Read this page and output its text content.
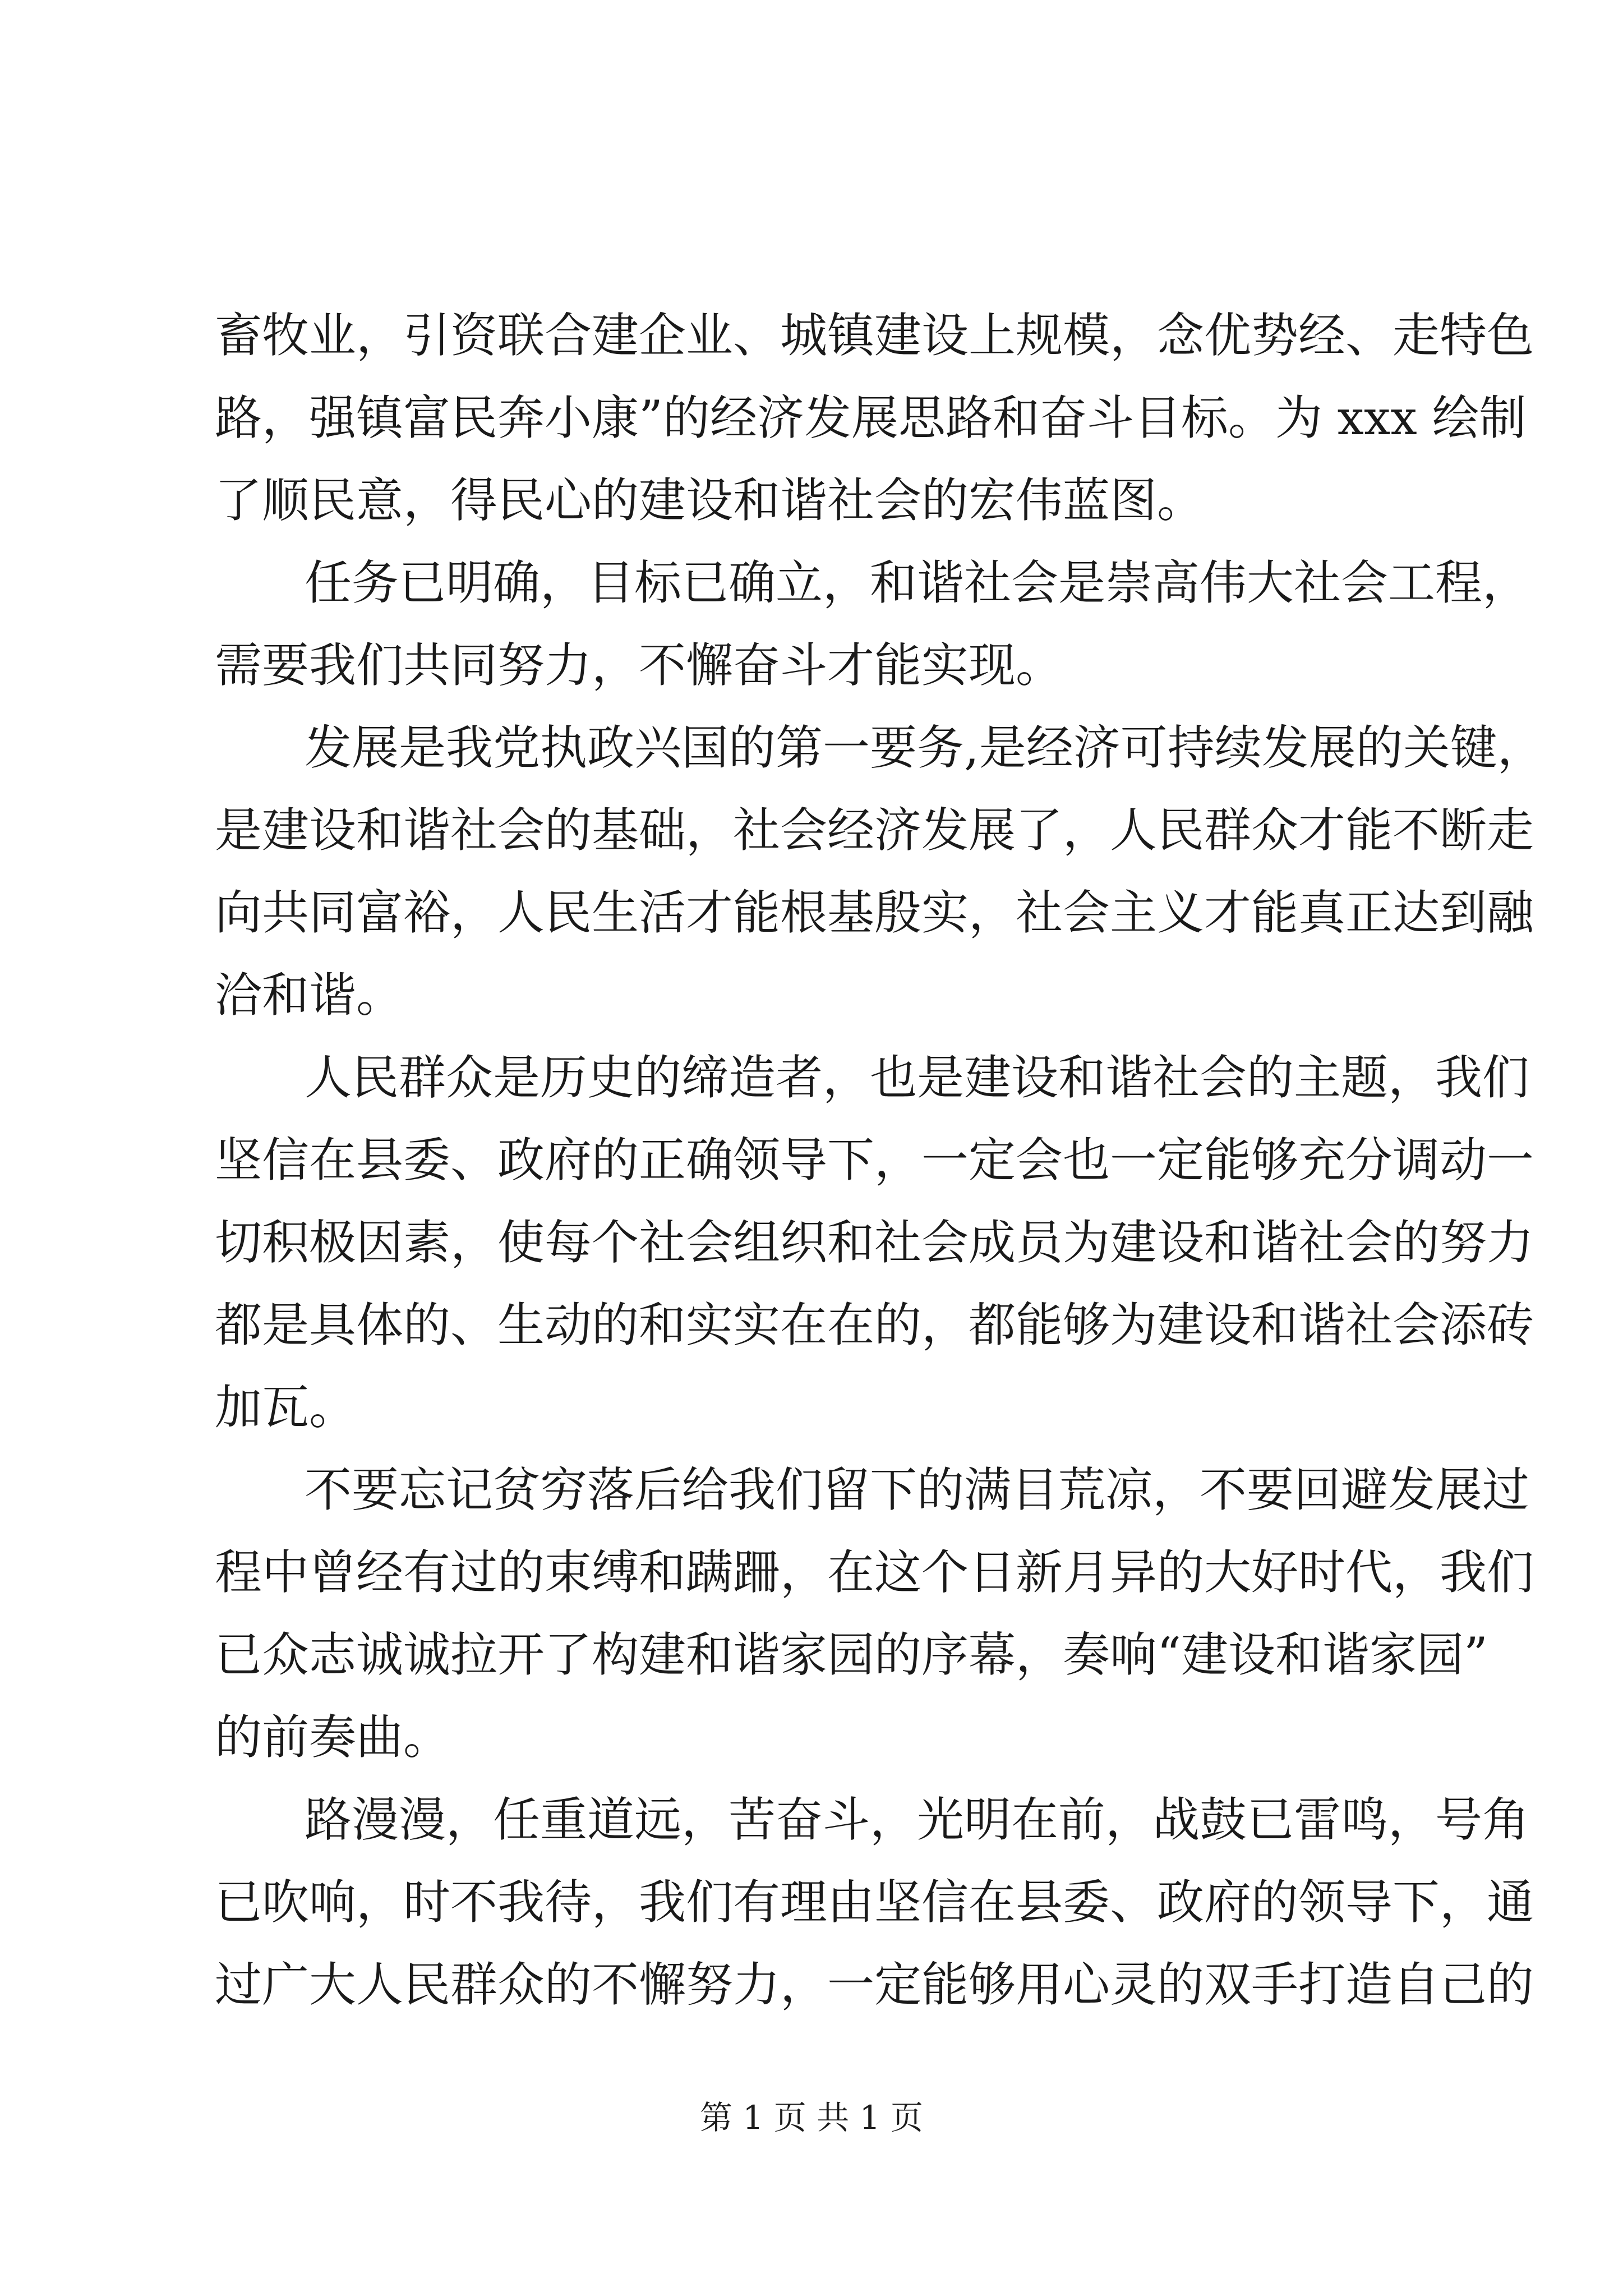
畜牧业，引资联合建企业、城镇建设上规模，念优势经、走特色
路，强镇富民奔小康”的经济发展思路和奋斗目标。为 xxx 绘制
了顺民意，得民心的建设和谐社会的宏伟蓝图。
任务已明确，目标已确立，和谐社会是崇高伟大社会工程，
需要我们共同努力，不懈奋斗才能实现。
发展是我党执政兴国的第一要务,是经济可持续发展的关键，
是建设和谐社会的基础，社会经济发展了，人民群众才能不断走
向共同富裕，人民生活才能根基殷实，社会主义才能真正达到融
洽和谐。
人民群众是历史的缔造者，也是建设和谐社会的主题，我们
坚信在县委、政府的正确领导下，一定会也一定能够充分调动一
切积极因素，使每个社会组织和社会成员为建设和谐社会的努力
都是具体的、生动的和实实在在的，都能够为建设和谐社会添砖
加瓦。
不要忘记贫穷落后给我们留下的满目荒凉，不要回避发展过
程中曾经有过的束缚和蹒跚，在这个日新月异的大好时代，我们
已众志诚诚拉开了构建和谐家园的序幕，奏响“建设和谐家园”
的前奏曲。
路漫漫，任重道远，苦奋斗，光明在前，战鼓已雷鸣，号角
已吹响，时不我待，我们有理由坚信在县委、政府的领导下，通
过广大人民群众的不懈努力，一定能够用心灵的双手打造自己的
第 1 页 共 1 页
